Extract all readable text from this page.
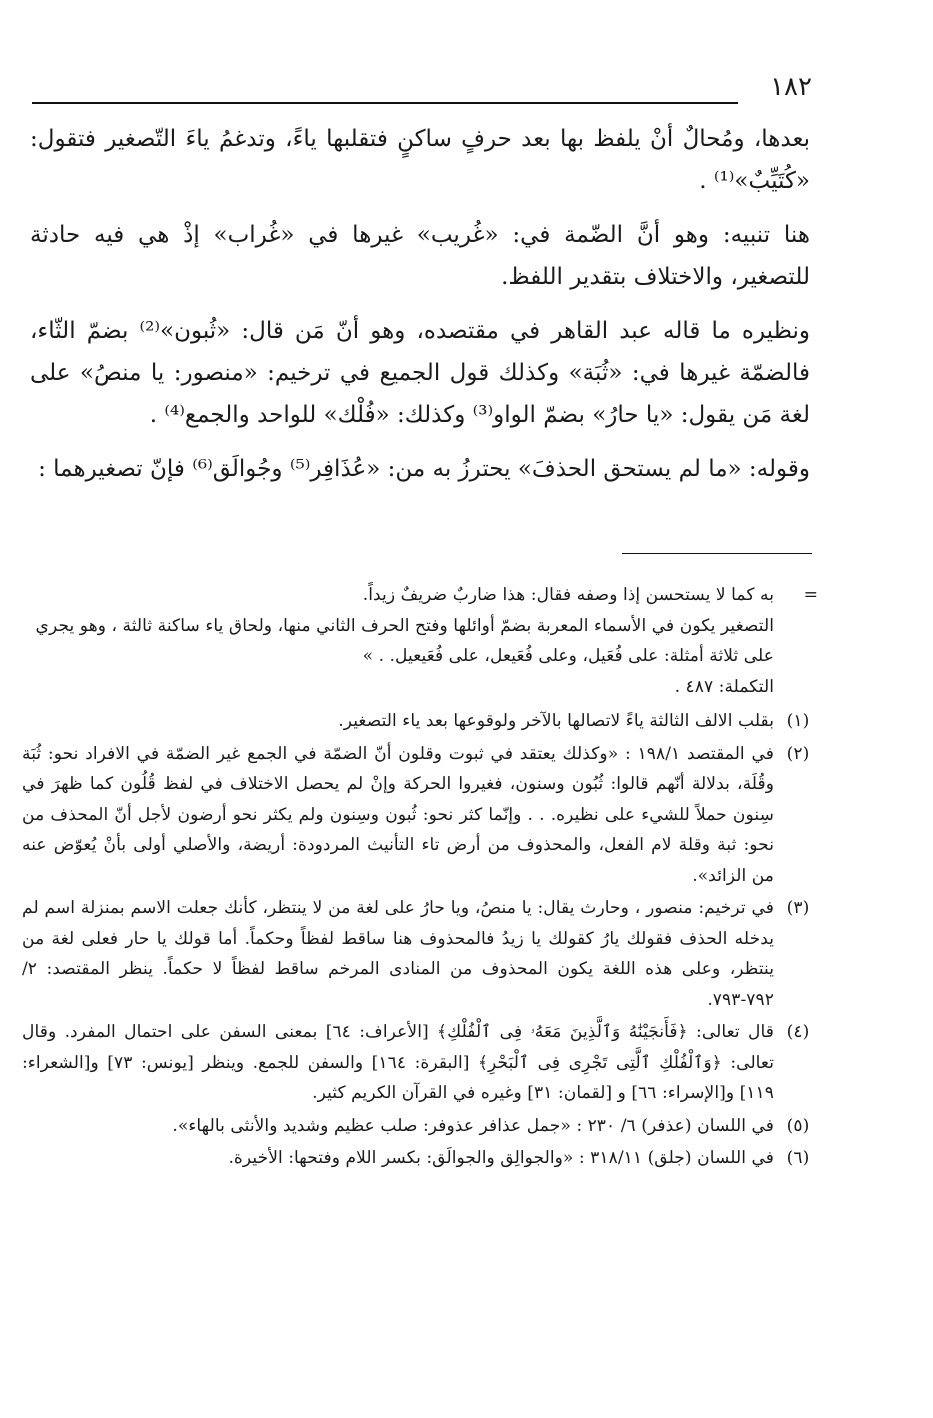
١٨٢

بعدها، ومُحالٌ أنْ يلفظ بها بعد حرفٍ ساكنٍ فتقلبها ياءً، وتدغمُ ياءَ التّصغير فتقول: «كُتَيِّبٌ»⁽¹⁾ .

هنا تنبيه: وهو أنَّ الضّمة في: «غُريب» غيرها في «غُراب» إذْ هي فيه حادثة للتصغير، والاختلاف بتقدير اللفظ.

ونظيره ما قاله عبد القاهر في مقتصده، وهو أنّ مَن قال: «ثُبون»⁽²⁾ بضمّ الثّاء، فالضمّة غيرها في: «ثُبَة» وكذلك قول الجميع في ترخيم: «منصور: يا منصُ» على لغة مَن يقول: «يا حارُ» بضمّ الواو⁽³⁾ وكذلك: «فُلْك» للواحد والجمع⁽⁴⁾ .

وقوله: «ما لم يستحق الحذفَ» يحترزُ به من: «عُذَافِر⁽⁵⁾ وجُوالَق⁽⁶⁾ فإنّ تصغيرهما :

=
به كما لا يستحسن إذا وصفه فقال: هذا ضاربٌ ضريفٌ زيداً.
التصغير يكون في الأسماء المعربة بضمّ أوائلها وفتح الحرف الثاني منها، ولحاق ياء ساكنة ثالثة ، وهو يجري على ثلاثة أمثلة: على فُعَيل، وعلى فُعَيعل، على فُعَيعيل. . »
التكملة: ٤٨٧ .
(١)
بقلب الالف الثالثة ياءً لاتصالها بالآخر ولوقوعها بعد ياء التصغير.
(٢)
في المقتصد ١٩٨/١ : «وكذلك يعتقد في ثبوت وقلون أنّ الضمّة في الجمع غير الضمّة في الافراد نحو: ثُبَة وقُلَة، بدلالة أنّهم قالوا: ثُبُون وسنون، فغيروا الحركة وإنْ لم يحصل الاختلاف في لفظ قُلُون كما ظهرَ في سِنون حملاً للشيء على نظيره. . . وإنّما كثر نحو: ثُبون وسِنون ولم يكثر نحو أرضون لأجل أنّ المحذف من نحو: ثبة وقلة لام الفعل، والمحذوف من أرض تاء التأنيث المردودة: أريضة، والأصلي أولى بأنْ يُعوّض عنه من الزائد».
(٣)
في ترخيم: منصور ، وحارث يقال: يا منصُ، ويا حارُ على لغة من لا ينتظر، كأنك جعلت الاسم بمنزلة اسم لم يدخله الحذف فقولك يارُ كقولك يا زيدُ فالمحذوف هنا ساقط لفظاً وحكماً. أما قولك يا حار فعلى لغة من ينتظر، وعلى هذه اللغة يكون المحذوف من المنادى المرخم ساقط لفظاً لا حكماً. ينظر المقتصد: ٢/ ٧٩٢-٧٩٣.
(٤)
قال تعالى: ﴿فَأَنجَيْنَٰهُ وَٱلَّذِينَ مَعَهُۥ فِى ٱلْفُلْكِ﴾ [الأعراف: ٦٤] بمعنى السفن على احتمال المفرد. وقال تعالى: ﴿وَٱلْفُلْكِ ٱلَّتِى تَجْرِى فِى ٱلْبَحْرِ﴾ [البقرة: ١٦٤] والسفن للجمع. وينظر [يونس: ٧٣] و[الشعراء: ١١٩] و[الإسراء: ٦٦] و [لقمان: ٣١] وغيره في القرآن الكريم كثير.
(٥)
في اللسان (عذفر) ٦/ ٢٣٠ : «جمل عذافر عذوفر: صلب عظيم وشديد والأنثى بالهاء».
(٦)
في اللسان (جلق) ٣١٨/١١ : «والجوالِق والجوالَق: بكسر اللام وفتحها: الأخيرة.
